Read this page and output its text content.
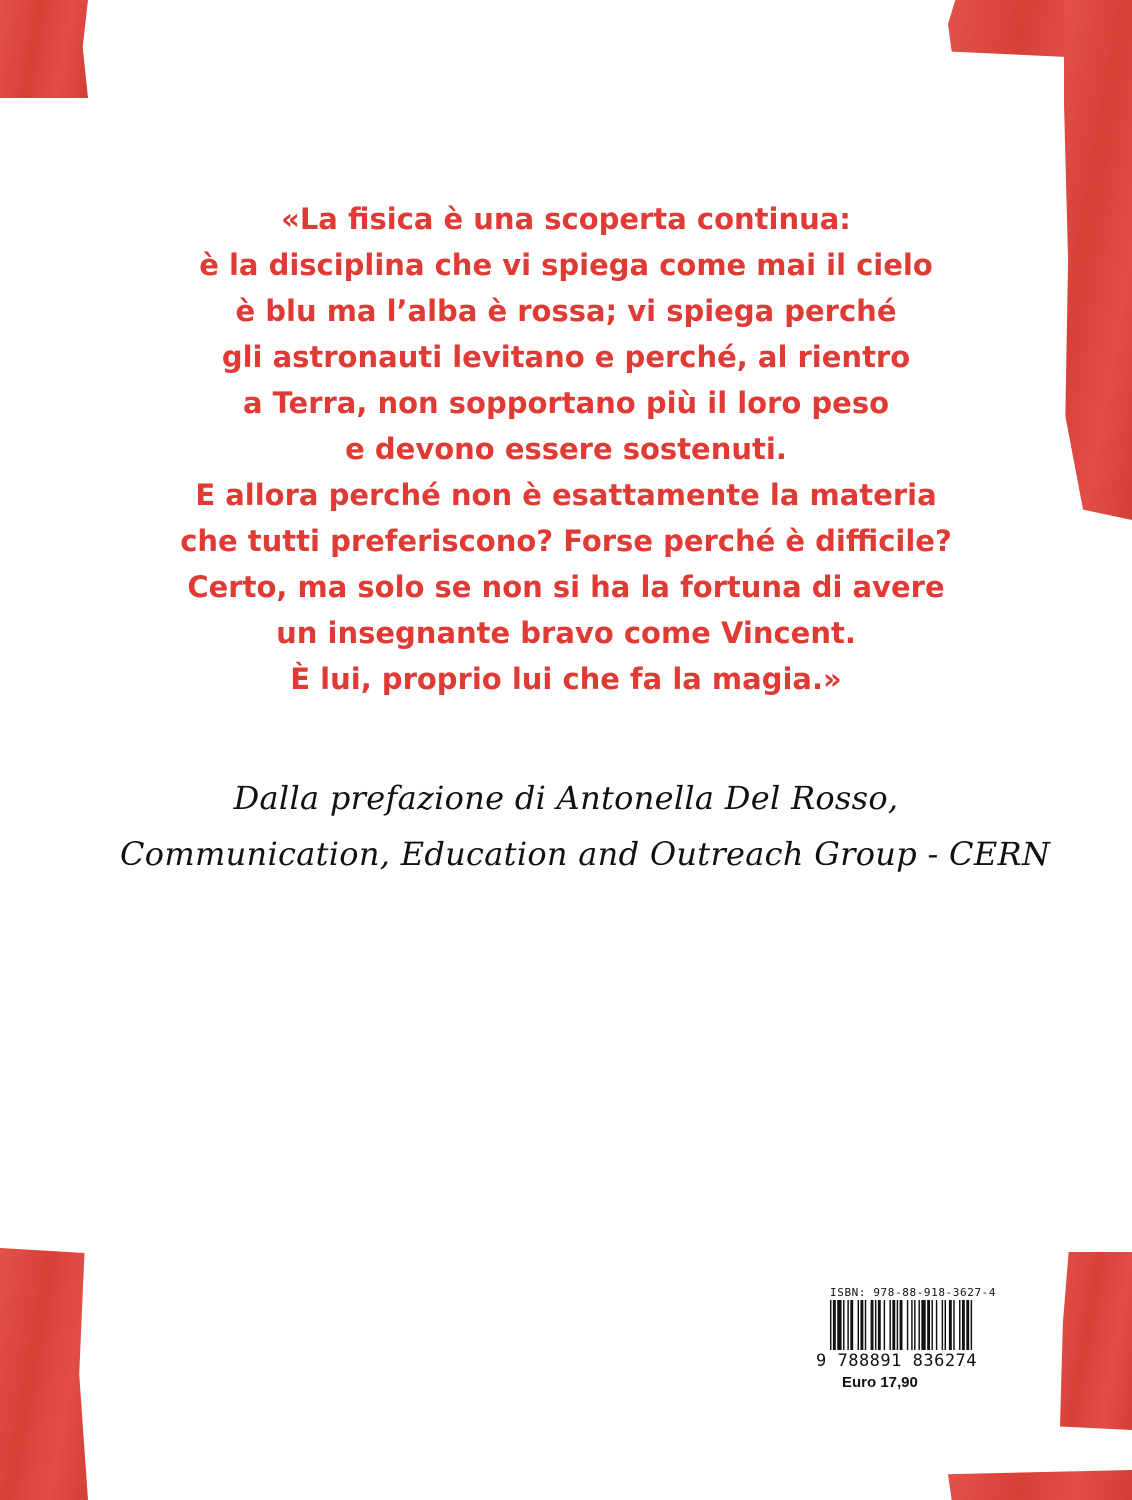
«La fisica è una scoperta continua:
è la disciplina che vi spiega come mai il cielo
è blu ma l’alba è rossa; vi spiega perché
gli astronauti levitano e perché, al rientro
a Terra, non sopportano più il loro peso
e devono essere sostenuti.
E allora perché non è esattamente la materia
che tutti preferiscono? Forse perché è difficile?
Certo, ma solo se non si ha la fortuna di avere
un insegnante bravo come Vincent.
È lui, proprio lui che fa la magia.»
Dalla prefazione di Antonella Del Rosso,
Communication, Education and Outreach Group - CERN
ISBN: 978-88-918-3627-4
9 788891 836274
Euro 17,90
